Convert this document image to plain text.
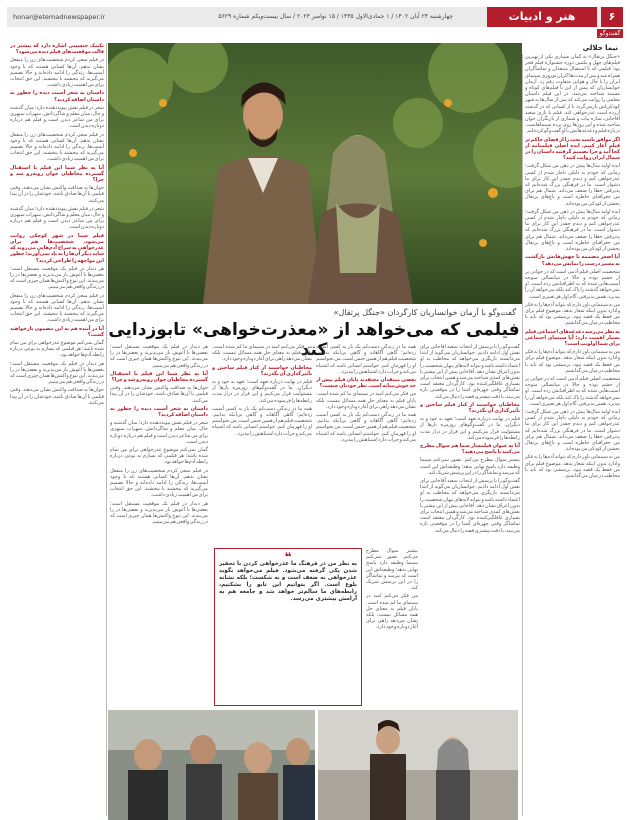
۶
هنر و ادبیات
چهارشنبه ۲۴ آبان ۱۴۰۲ / ۱ جمادی‌الاول ۱۴۴۵ / ۱۵ نوامبر ۲۰۲۳ / سال بیست‌ویکم شماره ۵۶۲۹
honar@etemadnewspaper.ir
گفت‌وگو
نیما جلالی

«جنگل پرتقال» به گمان بسیاری یکی از بهترین فیلم‌های چهل و یکمین دوره جشنواره فیلم فجر بود؛ فیلمی که با استقبال منتقدان و تماشاگران همراه شد و پس از مدت‌ها اکران نوروزی سینمای ایران را با حال و هوایی متفاوت رقم زد. آرمان خوانساریان که پیش از این با فیلم‌های کوتاه و مستند شناخته می‌شد، در این فیلم داستان معلمی را روایت می‌کند که پس از سال‌ها به شهر کودکی‌اش بازمی‌گردد تا از کسانی که در گذشته آزرده است عذرخواهی کند. فیلم با بازی سعید آقاخانی، ساره بیات و شماری از بازیگران جوان ساخته شده و این روزها روی پرده سینماهاست. درباره فیلم و دغدغه‌هایش با او گفت‌وگو کرده‌ایم.

اگر موافق باشید بحث را از فضای حاکم بر فیلم آغاز کنیم. ایده اصلی فیلمنامه از کجا آمد و چرا تصمیم گرفتید داستان را در شمال ایران روایت کنید؟

ایده اولیه سال‌ها پیش در ذهن من شکل گرفت؛ زمانی که خودم به دلیلی ناچار شدم از کسی عذرخواهی کنم و دیدم چقدر این کار برای ما دشوار است. ما در فرهنگی بزرگ شده‌ایم که پذیرفتن خطا را ضعف می‌داند. شمال هم برای من جغرافیای خاطره است و باغ‌های پرتقال بخشی از کودکی من بوده‌اند.

ایده اولیه سال‌ها پیش در ذهن من شکل گرفت؛ زمانی که خودم به دلیلی ناچار شدم از کسی عذرخواهی کنم و دیدم چقدر این کار برای ما دشوار است. ما در فرهنگی بزرگ شده‌ایم که پذیرفتن خطا را ضعف می‌داند. شمال هم برای من جغرافیای خاطره است و باغ‌های پرتقال بخشی از کودکی من بوده‌اند.

آیا اصغر مصممه با جهش‌هایش بازگشت به مسیر درست را نمایش می‌دهد؟

شخصیت اصلی فیلم آدمی است که در جوانی پر از خشم بوده و حالا در میانسالی متوجه آسیب‌هایی شده که به اطرافیانش زده است. او نمی‌خواهد گذشته را پاک کند بلکه می‌خواهد آن را بپذیرد. همین پذیرفتن، گام اول هر تغییری است.

من به سینمایی باور دارم که بتواند آدم‌ها را به فکر وادارد بدون اینکه شعار بدهد. موضوع فیلم برای من فقط یک قصه نبود، پرسشی بود که باید با مخاطب در میان می‌گذاشتم.

به نظر می‌رسد دغدغه‌های اجتماعی فیلم بسیار اهمیت دارد؛ آیا سینمای اجتماعی برای شما اولویت است؟

من به سینمایی باور دارم که بتواند آدم‌ها را به فکر وادارد بدون اینکه شعار بدهد. موضوع فیلم برای من فقط یک قصه نبود، پرسشی بود که باید با مخاطب در میان می‌گذاشتم.

شخصیت اصلی فیلم آدمی است که در جوانی پر از خشم بوده و حالا در میانسالی متوجه آسیب‌هایی شده که به اطرافیانش زده است. او نمی‌خواهد گذشته را پاک کند بلکه می‌خواهد آن را بپذیرد. همین پذیرفتن، گام اول هر تغییری است.

ایده اولیه سال‌ها پیش در ذهن من شکل گرفت؛ زمانی که خودم به دلیلی ناچار شدم از کسی عذرخواهی کنم و دیدم چقدر این کار برای ما دشوار است. ما در فرهنگی بزرگ شده‌ایم که پذیرفتن خطا را ضعف می‌داند. شمال هم برای من جغرافیای خاطره است و باغ‌های پرتقال بخشی از کودکی من بوده‌اند.

من به سینمایی باور دارم که بتواند آدم‌ها را به فکر وادارد بدون اینکه شعار بدهد. موضوع فیلم برای من فقط یک قصه نبود، پرسشی بود که باید با مخاطب در میان می‌گذاشتم.

گفت‌وگو با آرمان خوانساریان کارگردان «جنگل پرتقال»
فیلمی که می‌خواهد از «معذرت‌خواهی» تابوزدایی کند

تکنیک جنسیتی اشاره دارد که بیشتر در قالب موقعیت‌های فیلم دیده می‌شود؟

در فیلم سعی کردم شخصیت‌های زن را منفعل نشان ندهم. آن‌ها کسانی هستند که با وجود آسیب‌ها، زندگی را ادامه داده‌اند و حالا تصمیم می‌گیرند که ببخشند یا نبخشند. این حق انتخاب برای من اهمیت زیادی داشت.

داستان به شعر آسیب دیده را چطور به داستان اضافه کردید؟

شعر در فیلم نقش پیونددهنده دارد؛ میان گذشته و حال، میان معلم و شاگردانش. سهراب سپهری برای من شاعر دیدن است و فیلم هم درباره دوباره دیدن است.

در فیلم سعی کردم شخصیت‌های زن را منفعل نشان ندهم. آن‌ها کسانی هستند که با وجود آسیب‌ها، زندگی را ادامه داده‌اند و حالا تصمیم می‌گیرند که ببخشند یا نبخشند. این حق انتخاب برای من اهمیت زیادی داشت.

آیا به نظر شما این فیلم با استقبال گسترده مخاطبان جوان روبه‌رو شد و چرا؟

جوان‌ها به صداقت واکنش نشان می‌دهند. وقتی فیلمی با آن‌ها صادق باشد، خودشان را در آن پیدا می‌کنند.

شعر در فیلم نقش پیونددهنده دارد؛ میان گذشته و حال، میان معلم و شاگردانش. سهراب سپهری برای من شاعر دیدن است و فیلم هم درباره دوباره دیدن است.

فیلم شما در شهر کوچکی روایت می‌شود. شخصیت‌ها هم برای عذرخواهی به سراغ آدم‌هایی می‌روند که شاید دیگر آن‌ها را به یاد نمی‌آورند؛ چطور این مواجهه را طراحی کردید؟

هر دیدار در فیلم یک موقعیت مستقل است؛ بعضی‌ها با آغوش باز می‌پذیرند و بعضی‌ها در را می‌بندند. این تنوع واکنش‌ها همان چیزی است که در زندگی واقعی هم می‌بینیم.

در فیلم سعی کردم شخصیت‌های زن را منفعل نشان ندهم. آن‌ها کسانی هستند که با وجود آسیب‌ها، زندگی را ادامه داده‌اند و حالا تصمیم می‌گیرند که ببخشند یا نبخشند. این حق انتخاب برای من اهمیت زیادی داشت.

آیا در آینده هم به این مضمون بازخواهید گشت؟

گمان نمی‌کنم موضوع عذرخواهی برای من تمام شده باشد؛ هر فیلمی که بسازم به نوعی درباره رابطه آدم‌ها خواهد بود.

هر دیدار در فیلم یک موقعیت مستقل است؛ بعضی‌ها با آغوش باز می‌پذیرند و بعضی‌ها در را می‌بندند. این تنوع واکنش‌ها همان چیزی است که در زندگی واقعی هم می‌بینیم.

جوان‌ها به صداقت واکنش نشان می‌دهند. وقتی فیلمی با آن‌ها صادق باشد، خودشان را در آن پیدا می‌کنند.

گفت‌وگو را با پرسش از انتخاب سعید آقاخانی برای نقش اول ادامه دادیم. خوانساریان می‌گوید از ابتدا می‌دانسته بازیگری می‌خواهد که مخاطب به او اعتماد داشته باشد و بتواند لایه‌های پنهان شخصیت را بدون اغراق نشان دهد. آقاخانی پیش از این بیشتر با نقش‌های کمدی شناخته می‌شد و همین انتخاب برای بسیاری غافلگیرکننده بود. کارگردان معتقد است تماشاگر وقتی چهره‌ای آشنا را در موقعیتی تازه می‌بیند، با دقت بیشتری قصه را دنبال می‌کند.

مخاطبان خواستند از کنار فیلم ساختن و تأثیرگذاری آن بگذرند؟

فیلم در نهایت درباره تعهد است؛ تعهد به خود و به دیگران. ما در گفت‌وگوهای روزمره بارها از مسئولیت فرار می‌کنیم و این فرار در دراز مدت رابطه‌ها را فرسوده می‌کند.

آیا به عنوان فیلمساز شما هم سوال مطرح می‌کنید یا پاسخ می‌دهید؟

بیشتر سوال مطرح می‌کنم. تصور نمی‌کنم سینما وظیفه دارد پاسخ نهایی بدهد؛ وظیفه‌اش این است که بپرسد و تماشاگر را در این پرسش شریک کند.

گفت‌وگو را با پرسش از انتخاب سعید آقاخانی برای نقش اول ادامه دادیم. خوانساریان می‌گوید از ابتدا می‌دانسته بازیگری می‌خواهد که مخاطب به او اعتماد داشته باشد و بتواند لایه‌های پنهان شخصیت را بدون اغراق نشان دهد. آقاخانی پیش از این بیشتر با نقش‌های کمدی شناخته می‌شد و همین انتخاب برای بسیاری غافلگیرکننده بود. کارگردان معتقد است تماشاگر وقتی چهره‌ای آشنا را در موقعیتی تازه می‌بیند، با دقت بیشتری قصه را دنبال می‌کند.

همه ما در زندگی دست‌کم یک بار به کسی آسیب زده‌ایم؛ گاهی آگاهانه و گاهی بی‌آنکه بدانیم. شخصیت فیلم هم از همین جنس است. من نخواستم او را قهرمان کنم، خواستم انسانی باشد که اشتباه می‌کند و جرأت دارد اشتباهش را بپذیرد.

بعضی منتقدان معتقدند پایان فیلم بیش از حد خوش‌بینانه است. نظر خودتان چیست؟

من فکر می‌کنم امید در سینمای ما کم شده است. پایان فیلم به معنای حل همه مسائل نیست، بلکه نشان می‌دهد راهی برای آغاز دوباره وجود دارد.

همه ما در زندگی دست‌کم یک بار به کسی آسیب زده‌ایم؛ گاهی آگاهانه و گاهی بی‌آنکه بدانیم. شخصیت فیلم هم از همین جنس است. من نخواستم او را قهرمان کنم، خواستم انسانی باشد که اشتباه می‌کند و جرأت دارد اشتباهش را بپذیرد.

من فکر می‌کنم امید در سینمای ما کم شده است. پایان فیلم به معنای حل همه مسائل نیست، بلکه نشان می‌دهد راهی برای آغاز دوباره وجود دارد.

مخاطبان خواستند از کنار فیلم ساختن و تأثیرگذاری آن بگذرند؟

فیلم در نهایت درباره تعهد است؛ تعهد به خود و به دیگران. ما در گفت‌وگوهای روزمره بارها از مسئولیت فرار می‌کنیم و این فرار در دراز مدت رابطه‌ها را فرسوده می‌کند.

همه ما در زندگی دست‌کم یک بار به کسی آسیب زده‌ایم؛ گاهی آگاهانه و گاهی بی‌آنکه بدانیم. شخصیت فیلم هم از همین جنس است. من نخواستم او را قهرمان کنم، خواستم انسانی باشد که اشتباه می‌کند و جرأت دارد اشتباهش را بپذیرد.

هر دیدار در فیلم یک موقعیت مستقل است؛ بعضی‌ها با آغوش باز می‌پذیرند و بعضی‌ها در را می‌بندند. این تنوع واکنش‌ها همان چیزی است که در زندگی واقعی هم می‌بینیم.

آیا به نظر شما این فیلم با استقبال گسترده مخاطبان جوان روبه‌رو شد و چرا؟

جوان‌ها به صداقت واکنش نشان می‌دهند. وقتی فیلمی با آن‌ها صادق باشد، خودشان را در آن پیدا می‌کنند.

داستان به شعر آسیب دیده را چطور به داستان اضافه کردید؟

شعر در فیلم نقش پیونددهنده دارد؛ میان گذشته و حال، میان معلم و شاگردانش. سهراب سپهری برای من شاعر دیدن است و فیلم هم درباره دوباره دیدن است.

گمان نمی‌کنم موضوع عذرخواهی برای من تمام شده باشد؛ هر فیلمی که بسازم به نوعی درباره رابطه آدم‌ها خواهد بود.

در فیلم سعی کردم شخصیت‌های زن را منفعل نشان ندهم. آن‌ها کسانی هستند که با وجود آسیب‌ها، زندگی را ادامه داده‌اند و حالا تصمیم می‌گیرند که ببخشند یا نبخشند. این حق انتخاب برای من اهمیت زیادی داشت.

هر دیدار در فیلم یک موقعیت مستقل است؛ بعضی‌ها با آغوش باز می‌پذیرند و بعضی‌ها در را می‌بندند. این تنوع واکنش‌ها همان چیزی است که در زندگی واقعی هم می‌بینیم.

❝
به نظر من در فرهنگ ما عذرخواهی کردن با تحقیر شدن یکی گرفته می‌شود. فیلم می‌خواهد بگوید عذرخواهی نه ضعف است و نه شکست؛ بلکه نشانه بلوغ است. اگر بتوانیم این تابو را بشکنیم، رابطه‌های ما سالم‌تر خواهد شد و جامعه هم به آرامش بیشتری می‌رسد.

بیشتر سوال مطرح می‌کنم. تصور نمی‌کنم سینما وظیفه دارد پاسخ نهایی بدهد؛ وظیفه‌اش این است که بپرسد و تماشاگر را در این پرسش شریک کند.

من فکر می‌کنم امید در سینمای ما کم شده است. پایان فیلم به معنای حل همه مسائل نیست، بلکه نشان می‌دهد راهی برای آغاز دوباره وجود دارد.
